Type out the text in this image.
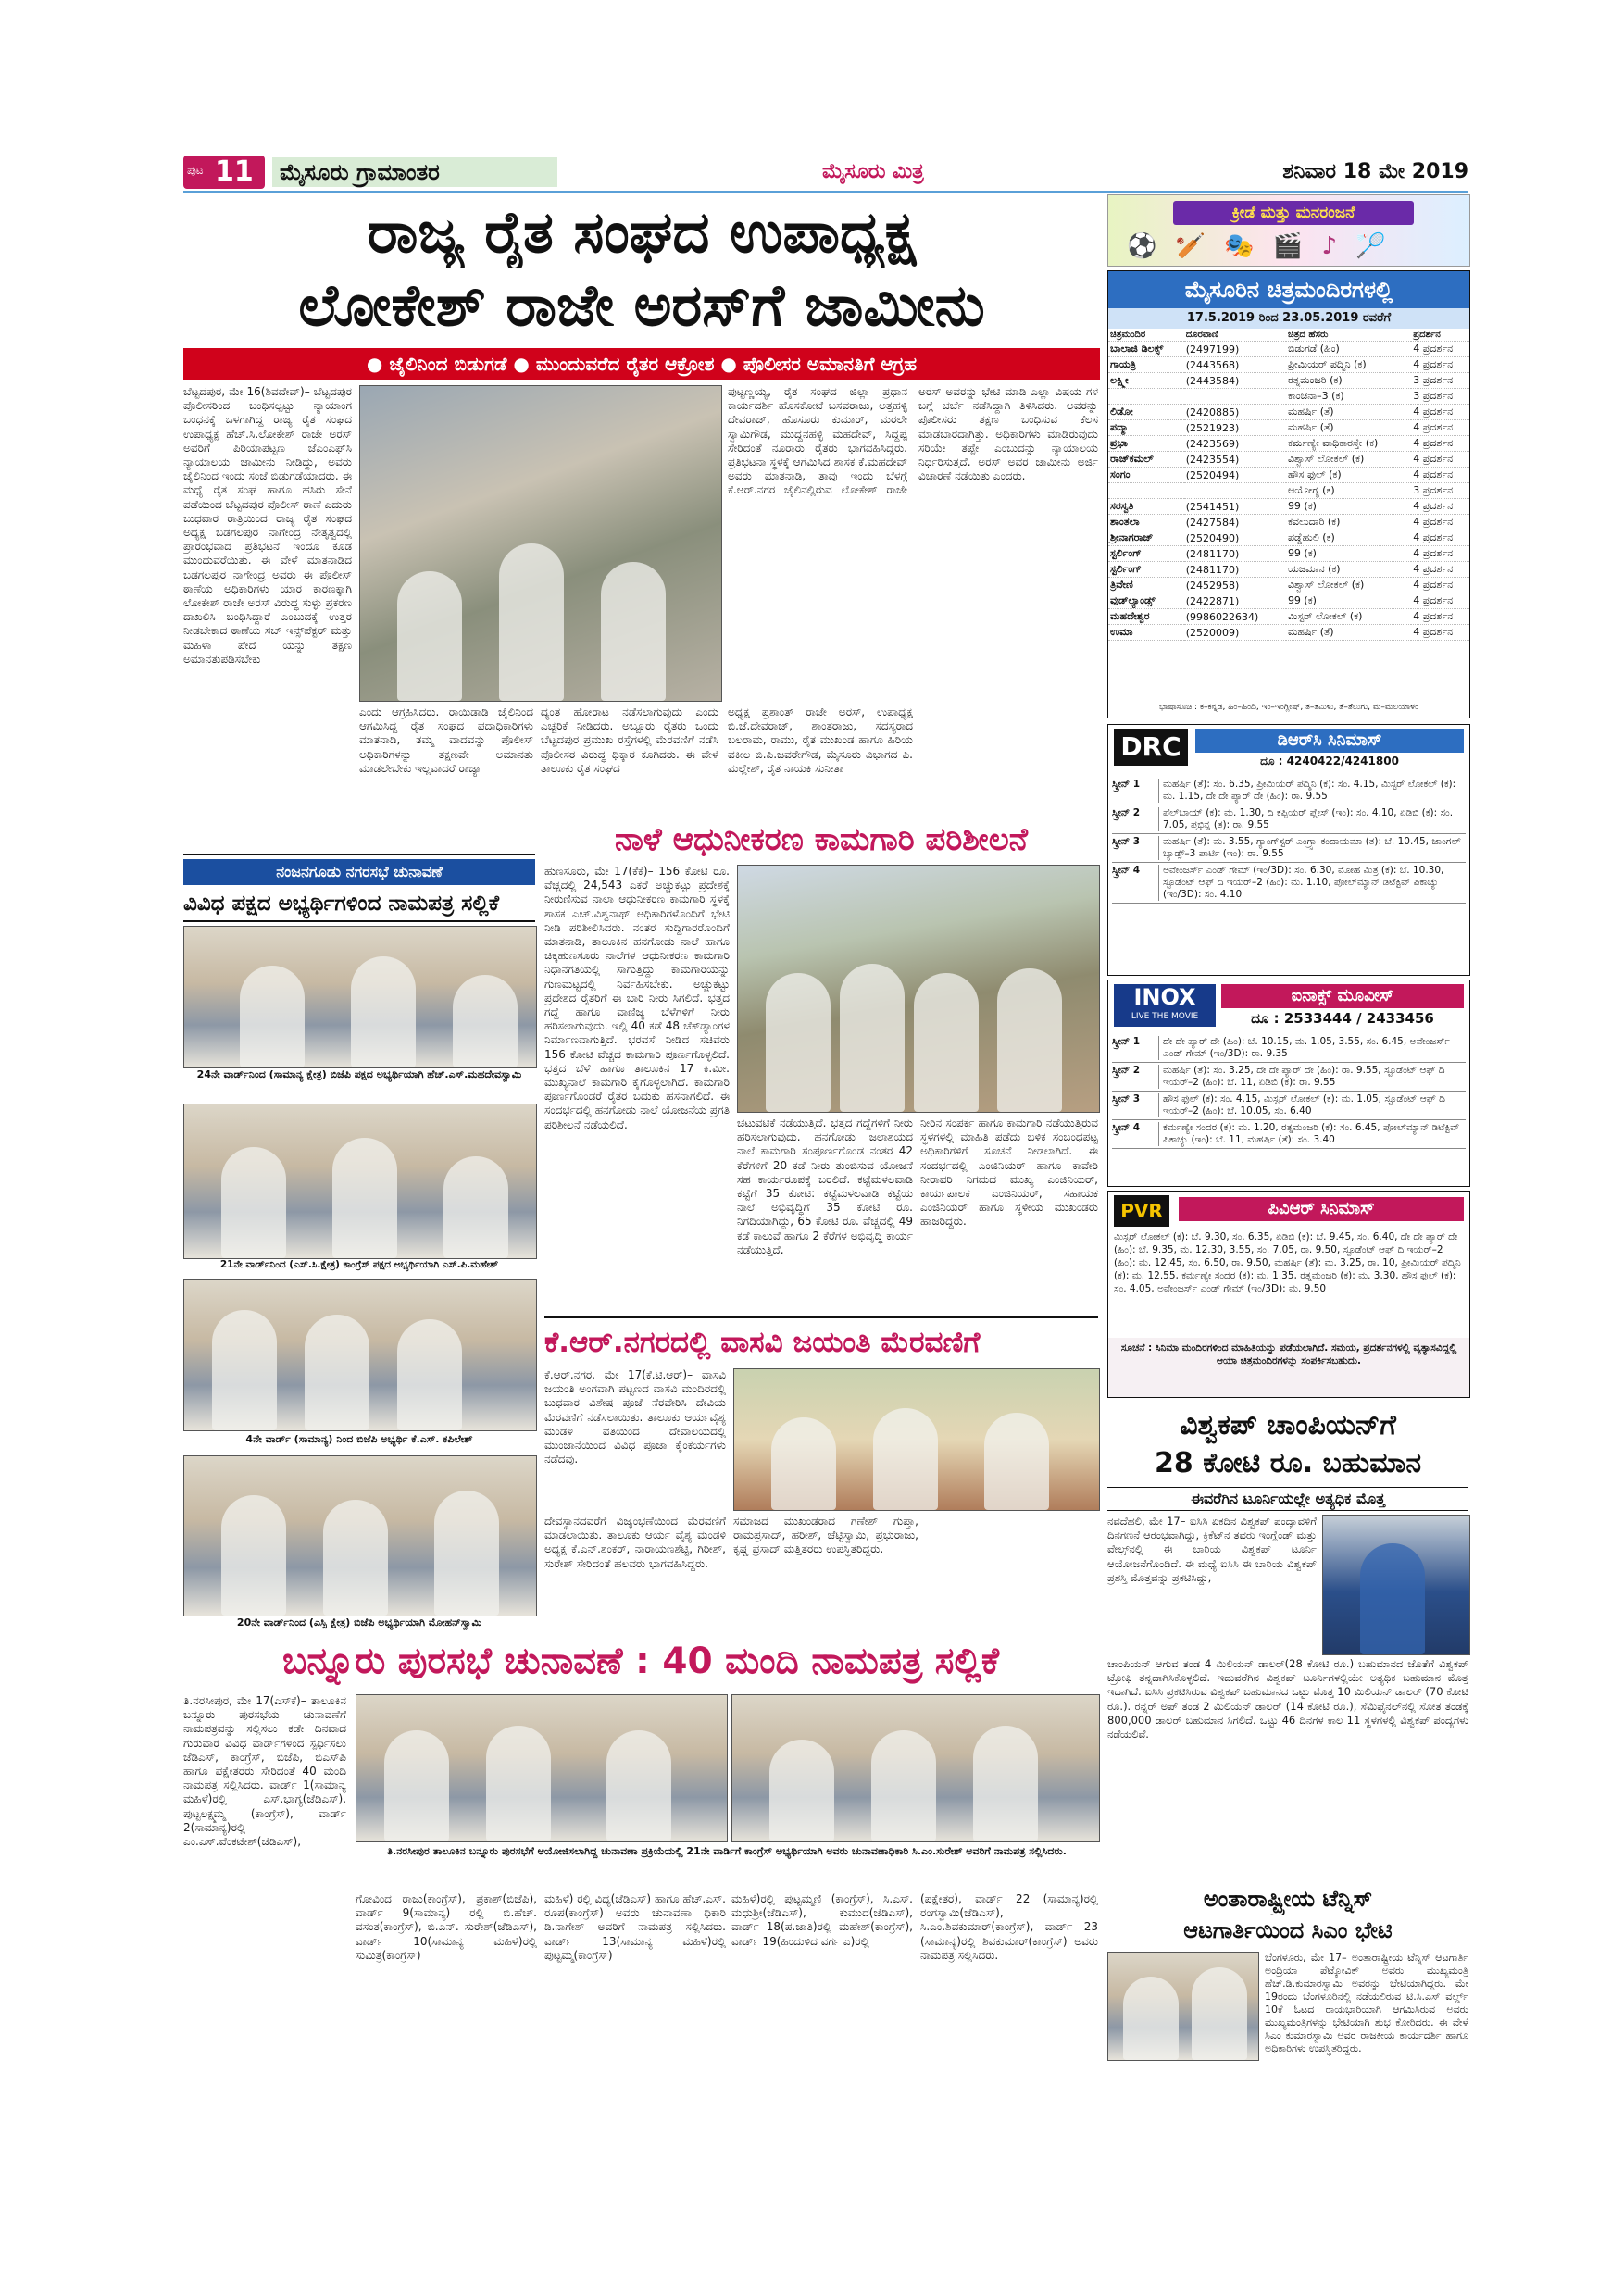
ಪುಟ 11	ಮೈಸೂರು ಗ್ರಾಮಾಂತರ	ಮೈಸೂರು ಮಿತ್ರ	ಶನಿವಾರ 18 ಮೇ 2019
ರಾಜ್ಯ ರೈತ ಸಂಘದ ಉಪಾಧ್ಯಕ್ಷ
ಲೋಕೇಶ್ ರಾಜೇ ಅರಸ್‌ಗೆ ಜಾಮೀನು
● ಜೈಲಿನಿಂದ ಬಿಡುಗಡೆ ● ಮುಂದುವರೆದ ರೈತರ ಆಕ್ರೋಶ ● ಪೊಲೀಸರ ಅಮಾನತಿಗೆ ಆಗ್ರಹ
ಬೆಟ್ಟದಪುರ, ಮೇ 16(ಶಿವದೇವ್)– ಬೆಟ್ಟದಪುರ ಪೊಲೀಸರಿಂದ ಬಂಧಿಸಲ್ಪಟ್ಟು ನ್ಯಾಯಾಂಗ ಬಂಧನಕ್ಕೆ ಒಳಗಾಗಿದ್ದ ರಾಜ್ಯ ರೈತ ಸಂಘದ ಉಪಾಧ್ಯಕ್ಷ ಹೆಚ್.ಸಿ.ಲೋಕೇಶ್ ರಾಜೇ ಅರಸ್ ಅವರಿಗೆ ಪಿರಿಯಾಪಟ್ಟಣ ಜೆಎಂಎಫ್‌ಸಿ ನ್ಯಾಯಾಲಯ ಜಾಮೀನು ನೀಡಿದ್ದು, ಅವರು ಜೈಲಿನಿಂದ ಇಂದು ಸಂಜೆ ಬಿಡುಗಡೆಯಾದರು. ಈ ಮಧ್ಯೆ ರೈತ ಸಂಘ ಹಾಗೂ ಹಸಿರು ಸೇನೆ ಪಡೆಯಿಂದ ಬೆಟ್ಟದಪುರ ಪೊಲೀಸ್ ಠಾಣೆ ಎದುರು ಬುಧವಾರ ರಾತ್ರಿಯಿಂದ ರಾಜ್ಯ ರೈತ ಸಂಘದ ಅಧ್ಯಕ್ಷ ಬಡಗಲಪುರ ನಾಗೇಂದ್ರ ನೇತೃತ್ವದಲ್ಲಿ ಪ್ರಾರಂಭವಾದ ಪ್ರತಿಭಟನೆ ಇಂದೂ ಕೂಡ ಮುಂದುವರೆಯಿತು. ಈ ವೇಳೆ ಮಾತನಾಡಿದ ಬಡಗಲಪುರ ನಾಗೇಂದ್ರ ಅವರು ಈ ಪೊಲೀಸ್ ಠಾಣೆಯ ಅಧಿಕಾರಿಗಳು ಯಾರ ಕಾರಣಕ್ಕಾಗಿ ಲೋಕೇಶ್ ರಾಜೇ ಅರಸ್ ವಿರುದ್ಧ ಸುಳ್ಳು ಪ್ರಕರಣ ದಾಖಲಿಸಿ ಬಂಧಿಸಿದ್ದಾರೆ ಎಂಬುದಕ್ಕೆ ಉತ್ತರ ನೀಡಬೇಕಾದ ಠಾಣೆಯ ಸಬ್ ಇನ್ಸ್‌ಪೆಕ್ಟರ್ ಮತ್ತು ಮಹಿಳಾ ಪೇದೆ ಯನ್ನು ತಕ್ಷಣ ಅಮಾನತುಪಡಿಸಬೇಕು
ಎಂದು ಆಗ್ರಹಿಸಿದರು. ರಾಯಿಡಾಡಿ ಜೈಲಿನಿಂದ ಆಗಮಿಸಿದ್ದ ರೈತ ಸಂಘದ ಪದಾಧಿಕಾರಿಗಳು ಮಾತನಾಡಿ, ತಮ್ಮ ವಾದವನ್ನು ಪೊಲೀಸ್ ಅಧಿಕಾರಿಗಳನ್ನು ತಕ್ಷಣವೇ ಅಮಾನತು ಮಾಡಲೇಬೇಕು ಇಲ್ಲವಾದರೆ ರಾಜ್ಯಾ
ದ್ಯಂತ ಹೋರಾಟ ನಡೆಸಲಾಗುವುದು ಎಂದು ಎಚ್ಚರಿಕೆ ನೀಡಿದರು. ಅಬ್ಬೂರು ರೈತರು ಒಂದು ಬೆಟ್ಟದಪುರ ಪ್ರಮುಖ ರಸ್ತೆಗಳಲ್ಲಿ ಮೆರವಣಿಗೆ ನಡೆಸಿ ಪೊಲೀಸರ ವಿರುದ್ಧ ಧಿಕ್ಕಾರ ಕೂಗಿದರು. ಈ ವೇಳೆ ತಾಲೂಕು ರೈತ ಸಂಘದ
ಅಧ್ಯಕ್ಷ ಪ್ರಶಾಂತ್ ರಾಜೇ ಅರಸ್, ಉಪಾಧ್ಯಕ್ಷ ಬಿ.ಜೆ.ದೇವರಾಜ್, ಶಾಂತರಾಜು, ಸದಸ್ಯರಾದ ಬಲರಾಮ, ರಾಮು, ರೈತ ಮುಖಂಡ ಹಾಗೂ ಹಿರಿಯ ವಕೀಲ ಬಿ.ಪಿ.ಜವರೇಗೌಡ, ಮೈಸೂರು ವಿಭಾಗದ ಪಿ. ಮಲ್ಲೇಶ್, ರೈತ ನಾಯಕಿ ಸುನೀತಾ
ಪುಟ್ಟಣ್ಣಯ್ಯ, ರೈತ ಸಂಘದ ಜಿಲ್ಲಾ ಪ್ರಧಾನ ಕಾರ್ಯದರ್ಶಿ ಹೊಸಕೋಟೆ ಬಸವರಾಜು, ಅತ್ತಹಳ್ಳಿ ದೇವರಾಜ್, ಹೊಸೂರು ಕುಮಾರ್, ಮರಲೇ ಸ್ವಾಮಿಗೌಡ, ಮುದ್ದನಹಳ್ಳಿ ಮಹದೇವ್, ಸಿದ್ದಪ್ಪ ಸೇರಿದಂತೆ ನೂರಾರು ರೈತರು ಭಾಗವಹಿಸಿದ್ದರು. ಪ್ರತಿಭಟನಾ ಸ್ಥಳಕ್ಕೆ ಆಗಮಿಸಿದ ಶಾಸಕ ಕೆ.ಮಹದೇವ್ ಅವರು ಮಾತನಾಡಿ, ತಾವು ಇಂದು ಬೆಳಗ್ಗೆ ಕೆ.ಆರ್.ನಗರ ಜೈಲಿನಲ್ಲಿರುವ ಲೋಕೇಶ್ ರಾಜೇ ಅರಸ್ ಅವರನ್ನು ಭೇಟಿ ಮಾಡಿ ಎಲ್ಲಾ ವಿಷಯ ಗಳ ಬಗ್ಗೆ ಚರ್ಚೆ ನಡೆಸಿದ್ದಾಗಿ ತಿಳಿಸಿದರು. ಅವರನ್ನು ಪೊಲೀಸರು ತಕ್ಷಣ ಬಂಧಿಸುವ ಕೆಲಸ ಮಾಡಬಾರದಾಗಿತ್ತು. ಅಧಿಕಾರಿಗಳು ಮಾಡಿರುವುದು ಸರಿಯೇ ತಪ್ಪೇ ಎಂಬುದನ್ನು ನ್ಯಾಯಾಲಯ ನಿರ್ಧರಿಸುತ್ತದೆ. ಅರಸ್ ಅವರ ಜಾಮೀನು ಅರ್ಜಿ ವಿಚಾರಣೆ ನಡೆಯಿತು ಎಂದರು.
ನಂಜನಗೂಡು ನಗರಸಭೆ ಚುನಾವಣೆ
ವಿವಿಧ ಪಕ್ಷದ ಅಭ್ಯರ್ಥಿಗಳಿಂದ ನಾಮಪತ್ರ ಸಲ್ಲಿಕೆ
24ನೇ ವಾರ್ಡ್‌ನಿಂದ (ಸಾಮಾನ್ಯ ಕ್ಷೇತ್ರ) ಬಿಜೆಪಿ ಪಕ್ಷದ ಅಭ್ಯರ್ಥಿಯಾಗಿ ಹೆಚ್.ಎಸ್.ಮಹದೇವಸ್ವಾಮಿ
21ನೇ ವಾರ್ಡ್‌ನಿಂದ (ಎಸ್.ಸಿ.ಕ್ಷೇತ್ರ) ಕಾಂಗ್ರೆಸ್ ಪಕ್ಷದ ಅಭ್ಯರ್ಥಿಯಾಗಿ ಎಸ್.ಪಿ.ಮಹೇಶ್
4ನೇ ವಾರ್ಡ್ (ಸಾಮಾನ್ಯ) ನಿಂದ ಬಿಜೆಪಿ ಅಭ್ಯರ್ಥಿ ಕೆ.ಎಸ್. ಕಪಿಲೇಶ್
20ನೇ ವಾರ್ಡ್‌ನಿಂದ (ಎಸ್ಸಿ ಕ್ಷೇತ್ರ) ಬಿಜೆಪಿ ಅಭ್ಯರ್ಥಿಯಾಗಿ ಮೋಹನ್‌ಸ್ವಾಮಿ
ನಾಳೆ ಆಧುನೀಕರಣ ಕಾಮಗಾರಿ ಪರಿಶೀಲನೆ
ಹುಣಸೂರು, ಮೇ 17(ಕೆಕೆ)– 156 ಕೋಟಿ ರೂ. ವೆಚ್ಚದಲ್ಲಿ 24,543 ಎಕರೆ ಅಚ್ಚುಕಟ್ಟು ಪ್ರದೇಶಕ್ಕೆ ನೀರುಣಿಸುವ ನಾಲಾ ಆಧುನೀಕರಣ ಕಾಮಗಾರಿ ಸ್ಥಳಕ್ಕೆ ಶಾಸಕ ಎಚ್.ವಿಶ್ವನಾಥ್ ಅಧಿಕಾರಿಗಳೊಂದಿಗೆ ಭೇಟಿ ನೀಡಿ ಪರಿಶೀಲಿಸಿದರು. ನಂತರ ಸುದ್ದಿಗಾರರೊಂದಿಗೆ ಮಾತನಾಡಿ, ತಾಲೂಕಿನ ಹನಗೋಡು ನಾಲೆ ಹಾಗೂ ಚಿಕ್ಕಹುಣಸೂರು ನಾಲೆಗಳ ಆಧುನೀಕರಣ ಕಾಮಗಾರಿ ನಿಧಾನಗತಿಯಲ್ಲಿ ಸಾಗುತ್ತಿದ್ದು ಕಾಮಗಾರಿಯನ್ನು ಗುಣಮಟ್ಟದಲ್ಲಿ ನಿರ್ವಹಿಸಬೇಕು. ಅಚ್ಚುಕಟ್ಟು ಪ್ರದೇಶದ ರೈತರಿಗೆ ಈ ಬಾರಿ ನೀರು ಸಿಗಲಿದೆ. ಭತ್ತದ ಗದ್ದೆ ಹಾಗೂ ವಾಣಿಜ್ಯ ಬೆಳೆಗಳಿಗೆ ನೀರು ಹರಿಸಲಾಗುವುದು. ಇಲ್ಲಿ 40 ಕಡೆ 48 ಚೆಕ್‌ಡ್ಯಾಂಗಳ ನಿರ್ಮಾಣವಾಗುತ್ತಿದೆ. ಭರವಸೆ ನೀಡಿದ ಸಚಿವರು 156 ಕೋಟಿ ವೆಚ್ಚದ ಕಾಮಗಾರಿ ಪೂರ್ಣಗೊಳ್ಳಲಿದೆ. ಭತ್ತದ ಬೆಳೆ ಹಾಗೂ ತಾಲೂಕಿನ 17 ಕಿ.ಮೀ. ಮುಖ್ಯನಾಲೆ ಕಾಮಗಾರಿ ಕೈಗೊಳ್ಳಲಾಗಿದೆ. ಕಾಮಗಾರಿ ಪೂರ್ಣಗೊಂಡರೆ ರೈತರ ಬದುಕು ಹಸನಾಗಲಿದೆ. ಈ ಸಂದರ್ಭದಲ್ಲಿ ಹನಗೋಡು ನಾಲೆ ಯೋಜನೆಯ ಪ್ರಗತಿ ಪರಿಶೀಲನೆ ನಡೆಯಲಿದೆ.	ಚಟುವಟಿಕೆ ನಡೆಯುತ್ತಿದೆ. ಭತ್ತದ ಗದ್ದೆಗಳಿಗೆ ನೀರು ಹರಿಸಲಾಗುವುದು. ಹನಗೋಡು ಜಲಾಶಯದ ನಾಲೆ ಕಾಮಗಾರಿ ಸಂಪೂರ್ಣಗೊಂಡ ನಂತರ 42 ಕೆರೆಗಳಿಗೆ 20 ಕಡೆ ನೀರು ತುಂಬಿಸುವ ಯೋಜನೆ ಸಹ ಕಾರ್ಯರೂಪಕ್ಕೆ ಬರಲಿದೆ. ಕಟ್ಟೆಮಳಲವಾಡಿ ಕಟ್ಟೆಗೆ 35 ಕೋಟಿ: ಕಟ್ಟೆಮಳಲವಾಡಿ ಕಟ್ಟೆಯ ನಾಲೆ ಅಭಿವೃದ್ಧಿಗೆ 35 ಕೋಟಿ ರೂ. ನಿಗದಿಯಾಗಿದ್ದು, 65 ಕೋಟಿ ರೂ. ವೆಚ್ಚದಲ್ಲಿ 49 ಕಡೆ ಕಾಲುವೆ ಹಾಗೂ 2 ಕೆರೆಗಳ ಅಭಿವೃದ್ಧಿ ಕಾರ್ಯ ನಡೆಯುತ್ತಿದೆ.
ನೀರಿನ ಸಂಪರ್ಕ ಹಾಗೂ ಕಾಮಗಾರಿ ನಡೆಯುತ್ತಿರುವ ಸ್ಥಳಗಳಲ್ಲಿ ಮಾಹಿತಿ ಪಡೆದು ಬಳಿಕ ಸಂಬಂಧಪಟ್ಟ ಅಧಿಕಾರಿಗಳಿಗೆ ಸೂಚನೆ ನೀಡಲಾಗಿದೆ. ಈ ಸಂದರ್ಭದಲ್ಲಿ ಎಂಜಿನಿಯರ್ ಹಾಗೂ ಕಾವೇರಿ ನೀರಾವರಿ ನಿಗಮದ ಮುಖ್ಯ ಎಂಜಿನಿಯರ್, ಕಾರ್ಯಪಾಲಕ ಎಂಜಿನಿಯರ್, ಸಹಾಯಕ ಎಂಜಿನಿಯರ್ ಹಾಗೂ ಸ್ಥಳೀಯ ಮುಖಂಡರು ಹಾಜರಿದ್ದರು.
ಕೆ.ಆರ್.ನಗರದಲ್ಲಿ ವಾಸವಿ ಜಯಂತಿ ಮೆರವಣಿಗೆ
ಕೆ.ಆರ್.ನಗರ, ಮೇ 17(ಕೆ.ಟಿ.ಆರ್)– ವಾಸವಿ ಜಯಂತಿ ಅಂಗವಾಗಿ ಪಟ್ಟಣದ ವಾಸವಿ ಮಂದಿರದಲ್ಲಿ ಬುಧವಾರ ವಿಶೇಷ ಪೂಜೆ ನೆರವೇರಿಸಿ ದೇವಿಯ ಮೆರವಣಿಗೆ ನಡೆಸಲಾಯಿತು. ತಾಲೂಕು ಆರ್ಯವೈಶ್ಯ ಮಂಡಳಿ ವತಿಯಿಂದ ದೇವಾಲಯದಲ್ಲಿ ಮುಂಜಾನೆಯಿಂದ ವಿವಿಧ ಪೂಜಾ ಕೈಂಕರ್ಯಗಳು ನಡೆದವು.
ದೇವಸ್ಥಾನದವರೆಗೆ ವಿಜೃಂಭಣೆಯಿಂದ ಮೆರವಣಿಗೆ ಮಾಡಲಾಯಿತು. ತಾಲೂಕು ಆರ್ಯ ವೈಶ್ಯ ಮಂಡಳಿ ಅಧ್ಯಕ್ಷ ಕೆ.ಎನ್.ಶಂಕರ್, ನಾರಾಯಣಶೆಟ್ಟಿ, ಗಿರೀಶ್, ಸುರೇಶ್ ಸೇರಿದಂತೆ ಹಲವರು ಭಾಗವಹಿಸಿದ್ದರು.
ಸಮಾಜದ ಮುಖಂಡರಾದ ಗಣೇಶ್ ಗುಪ್ತಾ, ರಾಮಪ್ರಸಾದ್, ಹರೀಶ್, ಚೆಟ್ಟಿಸ್ವಾಮಿ, ಪ್ರಭುರಾಜು, ಕೃಷ್ಣ ಪ್ರಸಾದ್ ಮತ್ತಿತರರು ಉಪಸ್ಥಿತರಿದ್ದರು.
ಬನ್ನೂರು ಪುರಸಭೆ ಚುನಾವಣೆ : 40 ಮಂದಿ ನಾಮಪತ್ರ ಸಲ್ಲಿಕೆ
ತಿ.ನರಸೀಪುರ, ಮೇ 17(ಎಸ್‌ಕೆ)– ತಾಲೂಕಿನ ಬನ್ನೂರು ಪುರಸಭೆಯ ಚುನಾವಣೆಗೆ ನಾಮಪತ್ರವನ್ನು ಸಲ್ಲಿಸಲು ಕಡೇ ದಿನವಾದ ಗುರುವಾರ ವಿವಿಧ ವಾರ್ಡ್‌ಗಳಿಂದ ಸ್ಪರ್ಧಿಸಲು ಜೆಡಿಎಸ್, ಕಾಂಗ್ರೆಸ್, ಬಿಜೆಪಿ, ಬಿಎಸ್‌ಪಿ ಹಾಗೂ ಪಕ್ಷೇತರರು ಸೇರಿದಂತೆ 40 ಮಂದಿ ನಾಮಪತ್ರ ಸಲ್ಲಿಸಿದರು. ವಾರ್ಡ್ 1(ಸಾಮಾನ್ಯ ಮಹಿಳೆ)ರಲ್ಲಿ ಎಸ್.ಭಾಗ್ಯ(ಜೆಡಿಎಸ್), ಪುಟ್ಟಲಕ್ಷ್ಮಮ್ಮ (ಕಾಂಗ್ರೆಸ್), ವಾರ್ಡ್ 2(ಸಾಮಾನ್ಯ)ರಲ್ಲಿ ಎಂ.ಎಸ್.ವೆಂಕಟೇಶ್(ಜೆಡಿಎಸ್),
ತಿ.ನರಸೀಪುರ ತಾಲೂಕಿನ ಬನ್ನೂರು ಪುರಸಭೆಗೆ ಆಯೋಜಿಸಲಾಗಿದ್ದ ಚುನಾವಣಾ ಪ್ರಕ್ರಿಯೆಯಲ್ಲಿ 21ನೇ ವಾರ್ಡಿಗೆ ಕಾಂಗ್ರೆಸ್ ಅಭ್ಯರ್ಥಿಯಾಗಿ ಅವರು ಚುನಾವಣಾಧಿಕಾರಿ ಸಿ.ಎಂ.ಸುರೇಶ್ ಅವರಿಗೆ ನಾಮಪತ್ರ ಸಲ್ಲಿಸಿದರು.
ಗೋವಿಂದ ರಾಜು(ಕಾಂಗ್ರೆಸ್), ಪ್ರಕಾಶ್(ಬಿಜೆಪಿ), ವಾರ್ಡ್ 9(ಸಾಮಾನ್ಯ) ರಲ್ಲಿ ಬಿ.ಹೆಚ್. ವಸಂತ(ಕಾಂಗ್ರೆಸ್), ಬಿ.ಎನ್. ಸುರೇಶ್(ಜೆಡಿಎಸ್), ವಾರ್ಡ್ 10(ಸಾಮಾನ್ಯ ಮಹಿಳೆ)ರಲ್ಲಿ ಸುಮಿತ್ರ(ಕಾಂಗ್ರೆಸ್)
ಮಹಿಳೆ) ರಲ್ಲಿ ವಿದ್ಯ(ಜೆಡಿಎಸ್) ಹಾಗೂ ಹೆಚ್.ಎಸ್. ರೂಪ(ಕಾಂಗ್ರೆಸ್) ಅವರು ಚುನಾವಣಾ ಧಿಕಾರಿ ಡಿ.ನಾಗೇಶ್ ಅವರಿಗೆ ನಾಮಪತ್ರ ಸಲ್ಲಿಸಿದರು. ವಾರ್ಡ್ 13(ಸಾಮಾನ್ಯ ಮಹಿಳೆ)ರಲ್ಲಿ ಪುಟ್ಟಮ್ಮ(ಕಾಂಗ್ರೆಸ್)
ಮಹಿಳೆ)ರಲ್ಲಿ ಪುಟ್ಟಮ್ಮಣಿ (ಕಾಂಗ್ರೆಸ್), ಸಿ.ಎಸ್. ಮಧುಶ್ರೀ(ಜೆಡಿಎಸ್), ಕುಮುದ(ಜೆಡಿಎಸ್), ವಾರ್ಡ್ 18(ಪ.ಜಾತಿ)ರಲ್ಲಿ ಮಹೇಶ್(ಕಾಂಗ್ರೆಸ್), ವಾರ್ಡ್ 19(ಹಿಂದುಳಿದ ವರ್ಗ ಎ)ರಲ್ಲಿ
(ಪಕ್ಷೇತರ), ವಾರ್ಡ್ 22 (ಸಾಮಾನ್ಯ)ರಲ್ಲಿ ರಂಗಸ್ವಾಮಿ(ಜೆಡಿಎಸ್), ಸಿ.ಎಂ.ಶಿವಕುಮಾರ್(ಕಾಂಗ್ರೆಸ್), ವಾರ್ಡ್ 23 (ಸಾಮಾನ್ಯ)ರಲ್ಲಿ ಶಿವಕುಮಾರ್(ಕಾಂಗ್ರೆಸ್) ಅವರು ನಾಮಪತ್ರ ಸಲ್ಲಿಸಿದರು.
ಕ್ರೀಡೆ ಮತ್ತು ಮನರಂಜನೆ
⚽ 🏏 🎭 🎬 ♪ 🏸
ಮೈಸೂರಿನ ಚಿತ್ರಮಂದಿರಗಳಲ್ಲಿ
17.5.2019 ರಿಂದ 23.05.2019 ರವರೆಗೆ
ಚಿತ್ರಮಂದಿರ	ದೂರವಾಣಿ	ಚಿತ್ರದ ಹೆಸರು	ಪ್ರದರ್ಶನ
ಬಾಲಾಜಿ ಡಿಲಕ್ಸ್	(2497199)	ಬಿಡುಗಡೆ (ಹಿಂ)	4 ಪ್ರದರ್ಶನ
ಗಾಯತ್ರಿ	(2443568)	ಪ್ರೀಮಿಯರ್ ಪದ್ಮಿನಿ (ಕ)	4 ಪ್ರದರ್ಶನ
ಲಕ್ಷ್ಮೀ	(2443584)	ರತ್ನಮಂಜರಿ (ಕ)	3 ಪ್ರದರ್ಶನ
		ಕಾಂಚನಾ–3 (ಕ)	3 ಪ್ರದರ್ಶನ
ಲಿಡೋ	(2420885)	ಮಹರ್ಷಿ (ತೆ)	4 ಪ್ರದರ್ಶನ
ಪದ್ಮಾ	(2521923)	ಮಹರ್ಷಿ (ತೆ)	4 ಪ್ರದರ್ಶನ
ಪ್ರಭಾ	(2423569)	ಕರ್ಮಣ್ಯೇ ವಾಧಿಕಾರಸ್ತೇ (ಕ)	4 ಪ್ರದರ್ಶನ
ರಾಜ್‌ಕಮಲ್	(2423554)	ವಿಶ್ವಾಸ್ ಲೋಕಲ್ (ಕ)	4 ಪ್ರದರ್ಶನ
ಸಂಗಂ	(2520494)	ಹೌಸ ಫುಲ್ (ಕ)	4 ಪ್ರದರ್ಶನ
		ಆಯೋಗ್ಯ (ಕ)	3 ಪ್ರದರ್ಶನ
ಸರಸ್ವತಿ	(2541451)	99 (ಕ)	4 ಪ್ರದರ್ಶನ
ಶಾಂತಲಾ	(2427584)	ಕವಲುದಾರಿ (ಕ)	4 ಪ್ರದರ್ಶನ
ಶ್ರೀನಾಗರಾಜ್	(2520490)	ಪಡ್ಡೆಹುಲಿ (ಕ)	4 ಪ್ರದರ್ಶನ
ಸ್ಟರ್ಲಿಂಗ್	(2481170)	99 (ಕ)	4 ಪ್ರದರ್ಶನ
ಸ್ಟರ್ಲಿಂಗ್	(2481170)	ಯಜಮಾನ (ಕ)	4 ಪ್ರದರ್ಶನ
ತ್ರಿವೇಣಿ	(2452958)	ವಿಶ್ವಾಸ್ ಲೋಕಲ್ (ಕ)	4 ಪ್ರದರ್ಶನ
ವುಡ್‌ಲ್ಯಾಂಡ್ಸ್	(2422871)	99 (ಕ)	4 ಪ್ರದರ್ಶನ
ಮಹದೇಶ್ವರ	(9986022634)	ಮಿಸ್ಟರ್ ಲೋಕಲ್ (ಕ)	4 ಪ್ರದರ್ಶನ
ಉಮಾ	(2520009)	ಮಹರ್ಷಿ (ತೆ)	4 ಪ್ರದರ್ಶನ
ಭಾಷಾಸೂಚಿ : ಕ–ಕನ್ನಡ, ಹಿಂ–ಹಿಂದಿ, ಇಂ–ಇಂಗ್ಲೀಷ್, ತ–ತಮಿಳು, ತೆ–ತೆಲುಗು, ಮ–ಮಲಯಾಳಂ
DRC	ಡಿಆರ್‌ಸಿ ಸಿನಿಮಾಸ್
ದೂ : 4240422/4241800
ಸ್ಕ್ರೀನ್ 1	ಮಹರ್ಷಿ (ತೆ): ಸಂ. 6.35, ಪ್ರೀಮಿಯರ್ ಪದ್ಮಿನಿ (ಕ): ಸಂ. 4.15, ಮಿಸ್ಟರ್ ಲೋಕಲ್ (ಕ): ಮ. 1.15, ದೇ ದೇ ಪ್ಯಾರ್ ದೇ (ಹಿಂ): ರಾ. 9.55
ಸ್ಕ್ರೀನ್ 2	ಪೆಲ್‌ಬಾಯ್ (ಕ): ಮ. 1.30, ದಿ ಕಪ್ಪಿಯರ್ ಪ್ಲೇಸ್ (ಇಂ): ಸಂ. 4.10, ಏಡಿಬಿ (ಕ): ಸಂ. 7.05, ಪ್ರಭಿನ್ನ (ತ): ರಾ. 9.55
ಸ್ಕ್ರೀನ್ 3	ಮಹರ್ಷಿ (ತೆ): ಮ. 3.55, ಗ್ಯಾಂಗ್‌ಸ್ಟರ್ ಎಂಗ್ರ್ಸಾ ಕಂದಾಯಮಾ (ತ): ಬೆ. 10.45, ಜಾಂಗಲ್ ಬ್ಯಾಡ್ಸ್–3 ಪಾರ್ಟಿ (ಇಂ): ರಾ. 9.55
ಸ್ಕ್ರೀನ್ 4	ಅವೇಂಜರ್ಸ್ ಎಂಡ್ ಗೇಮ್ (ಇಂ/3D): ಸಂ. 6.30, ಮೋಹ ಮಿತ್ರ (ಕ): ಬೆ. 10.30, ಸ್ಟೂಡೆಂಟ್ ಆಫ್ ದಿ ಇಯರ್–2 (ಹಿಂ): ಮ. 1.10, ಪೋಲ್‌ಮ್ಯಾನ್ ಡಿಟೆಕ್ಟಿವ್ ಪಿಕಾಚ್ಯು (ಇಂ/3D): ಸಂ. 4.10
INOX
LIVE THE MOVIE
ಐನಾಕ್ಸ್ ಮೂವೀಸ್
ದೂ : 2533444 / 2433456
ಸ್ಕ್ರೀನ್ 1	ದೇ ದೇ ಪ್ಯಾರ್ ದೇ (ಹಿಂ): ಬೆ. 10.15, ಮ. 1.05, 3.55, ಸಂ. 6.45, ಅವೇಂಜರ್ಸ್ ಎಂಡ್ ಗೇಮ್ (ಇಂ/3D): ರಾ. 9.35
ಸ್ಕ್ರೀನ್ 2	ಮಹರ್ಷಿ (ತೆ): ಸಂ. 3.25, ದೇ ದೇ ಪ್ಯಾರ್ ದೇ (ಹಿಂ): ರಾ. 9.55, ಸ್ಟೂಡೆಂಟ್ ಆಫ್ ದಿ ಇಯರ್–2 (ಹಿಂ): ಬೆ. 11, ಏಡಿಬಿ (ಕ): ರಾ. 9.55
ಸ್ಕ್ರೀನ್ 3	ಹೌಸ ಫುಲ್ (ಕ): ಸಂ. 4.15, ಮಿಸ್ಟರ್ ಲೋಕಲ್ (ಕ): ಮ. 1.05, ಸ್ಟೂಡೆಂಟ್ ಆಫ್ ದಿ ಇಯರ್–2 (ಹಿಂ): ಬೆ. 10.05, ಸಂ. 6.40
ಸ್ಕ್ರೀನ್ 4	ಕರ್ಮಣ್ಯೇ ಸಂದರ (ಕ): ಮ. 1.20, ರತ್ನಮಂಜರಿ (ಕ): ಸಂ. 6.45, ಪೋಲ್‌ಮ್ಯಾನ್ ಡಿಟೆಕ್ಟಿವ್ ಪಿಕಾಚ್ಯು (ಇಂ): ಬೆ. 11, ಮಹರ್ಷಿ (ತೆ): ಸಂ. 3.40
PVR	ಪಿವಿಆರ್ ಸಿನಿಮಾಸ್
ಮಿಸ್ಟರ್ ಲೋಕಲ್ (ಕ): ಬೆ. 9.30, ಸಂ. 6.35, ಏಡಿಬಿ (ಕ): ಬೆ. 9.45, ಸಂ. 6.40, ದೇ ದೇ ಪ್ಯಾರ್ ದೇ (ಹಿಂ): ಬೆ. 9.35, ಮ. 12.30, 3.55, ಸಂ. 7.05, ರಾ. 9.50, ಸ್ಟೂಡೆಂಟ್ ಆಫ್ ದಿ ಇಯರ್–2 (ಹಿಂ): ಮ. 12.45, ಸಂ. 6.50, ರಾ. 9.50, ಮಹರ್ಷಿ (ತೆ): ಮ. 3.25, ರಾ. 10, ಪ್ರೀಮಿಯರ್ ಪದ್ಮಿನಿ (ಕ): ಮ. 12.55, ಕರ್ಮಣ್ಯೇ ಸಂದರ (ಕ): ಮ. 1.35, ರತ್ನಮಂಜರಿ (ಕ): ಮ. 3.30, ಹೌಸ ಫುಲ್ (ಕ): ಸಂ. 4.05, ಅವೇಂಜರ್ಸ್ ಎಂಡ್ ಗೇಮ್ (ಇಂ/3D): ಮ. 9.50
ಸೂಚನೆ : ಸಿನಿಮಾ ಮಂದಿರಗಳಿಂದ ಮಾಹಿತಿಯನ್ನು ಪಡೆಯಲಾಗಿದೆ. ಸಮಯ, ಪ್ರದರ್ಶನಗಳಲ್ಲಿ ವ್ಯತ್ಯಾಸವಿದ್ದಲ್ಲಿ ಆಯಾ ಚಿತ್ರಮಂದಿರಗಳನ್ನು ಸಂಪರ್ಕಿಸಬಹುದು.
ವಿಶ್ವಕಪ್ ಚಾಂಪಿಯನ್‌ಗೆ
28 ಕೋಟಿ ರೂ. ಬಹುಮಾನ
ಈವರೆಗಿನ ಟೂರ್ನಿಯಲ್ಲೇ ಅತ್ಯಧಿಕ ಮೊತ್ತ
ನವದೆಹಲಿ, ಮೇ 17– ಐಸಿಸಿ ಏಕದಿನ ವಿಶ್ವಕಪ್ ಪಂದ್ಯಾವಳಿಗೆ ದಿನಗಣನೆ ಆರಂಭವಾಗಿದ್ದು, ಕ್ರಿಕೆಟ್‌ನ ತವರು ಇಂಗ್ಲೆಂಡ್ ಮತ್ತು ವೇಲ್ಸ್‌ನಲ್ಲಿ ಈ ಬಾರಿಯ ವಿಶ್ವಕಪ್ ಟೂರ್ನಿ ಆಯೋಜನೆಗೊಂಡಿದೆ. ಈ ಮಧ್ಯೆ ಐಸಿಸಿ ಈ ಬಾರಿಯ ವಿಶ್ವಕಪ್ ಪ್ರಶಸ್ತಿ ಮೊತ್ತವನ್ನು ಪ್ರಕಟಿಸಿದ್ದು,
ಚಾಂಪಿಯನ್ ಆಗುವ ತಂಡ 4 ಮಿಲಿಯನ್ ಡಾಲರ್(28 ಕೋಟಿ ರೂ.) ಬಹುಮಾನದ ಜೊತೆಗೆ ವಿಶ್ವಕಪ್ ಟ್ರೋಫಿ ತನ್ನದಾಗಿಸಿಕೊಳ್ಳಲಿದೆ. ಇದುವರೆಗಿನ ವಿಶ್ವಕಪ್ ಟೂರ್ನಿಗಳಲ್ಲಿಯೇ ಅತ್ಯಧಿಕ ಬಹುಮಾನ ಮೊತ್ತ ಇದಾಗಿದೆ. ಐಸಿಸಿ ಪ್ರಕಟಿಸಿರುವ ವಿಶ್ವಕಪ್ ಬಹುಮಾನದ ಒಟ್ಟು ಮೊತ್ತ 10 ಮಿಲಿಯನ್ ಡಾಲರ್ (70 ಕೋಟಿ ರೂ.). ರನ್ನರ್ ಅಪ್ ತಂಡ 2 ಮಿಲಿಯನ್ ಡಾಲರ್ (14 ಕೋಟಿ ರೂ.), ಸೆಮಿಫೈನಲ್‌ನಲ್ಲಿ ಸೋತ ತಂಡಕ್ಕೆ 800,000 ಡಾಲರ್ ಬಹುಮಾನ ಸಿಗಲಿದೆ. ಒಟ್ಟು 46 ದಿನಗಳ ಕಾಲ 11 ಸ್ಥಳಗಳಲ್ಲಿ ವಿಶ್ವಕಪ್ ಪಂದ್ಯಗಳು ನಡೆಯಲಿವೆ.
ಅಂತಾರಾಷ್ಟ್ರೀಯ ಟೆನ್ನಿಸ್
ಆಟಗಾರ್ತಿಯಿಂದ ಸಿಎಂ ಭೇಟಿ
ಬೆಂಗಳೂರು, ಮೇ 17– ಅಂತಾರಾಷ್ಟ್ರೀಯ ಟೆನ್ನಿಸ್ ಆಟಗಾರ್ತಿ ಅಂದ್ರಿಯಾ ಪೆಟ್ಕೋವಿಕ್ ಅವರು ಮುಖ್ಯಮಂತ್ರಿ ಹೆಚ್.ಡಿ.ಕುಮಾರಸ್ವಾಮಿ ಅವರನ್ನು ಭೇಟಿಯಾಗಿದ್ದರು. ಮೇ 19ರಂದು ಬೆಂಗಳೂರಿನಲ್ಲಿ ನಡೆಯಲಿರುವ ಟಿ.ಸಿ.ಎಸ್ ವರ್ಲ್ಡ್ 10ಕೆ ಓಟದ ರಾಯಭಾರಿಯಾಗಿ ಆಗಮಿಸಿರುವ ಅವರು ಮುಖ್ಯಮಂತ್ರಿಗಳನ್ನು ಭೇಟಿಯಾಗಿ ಶುಭ ಕೋರಿದರು. ಈ ವೇಳೆ ಸಿಎಂ ಕುಮಾರಸ್ವಾಮಿ ಅವರ ರಾಜಕೀಯ ಕಾರ್ಯದರ್ಶಿ ಹಾಗೂ ಅಧಿಕಾರಿಗಳು ಉಪಸ್ಥಿತರಿದ್ದರು.
